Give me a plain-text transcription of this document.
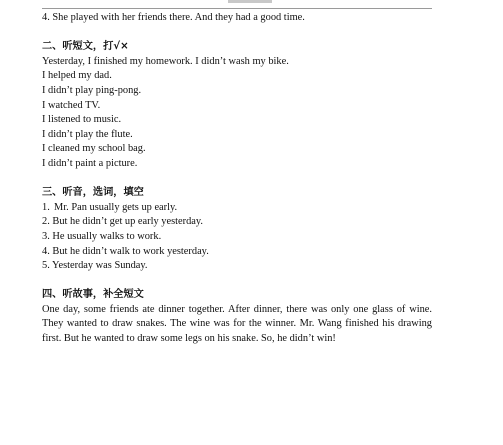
4. She played with her friends there. And they had a good time.
二、听短文，打√×
Yesterday, I finished my homework. I didn’t wash my bike.
I helped my dad.
I didn’t play ping-pong.
I watched TV.
I listened to music.
I didn’t play the flute.
I cleaned my school bag.
I didn’t paint a picture.
三、听音，选词，填空
1. Mr. Pan usually gets up early.
2. But he didn’t get up early yesterday.
3. He usually walks to work.
4. But he didn’t walk to work yesterday.
5. Yesterday was Sunday.
四、听故事，补全短文
One day, some friends ate dinner together. After dinner, there was only one glass of wine. They wanted to draw snakes. The wine was for the winner. Mr. Wang finished his drawing first. But he wanted to draw some legs on his snake. So, he didn’t win!
